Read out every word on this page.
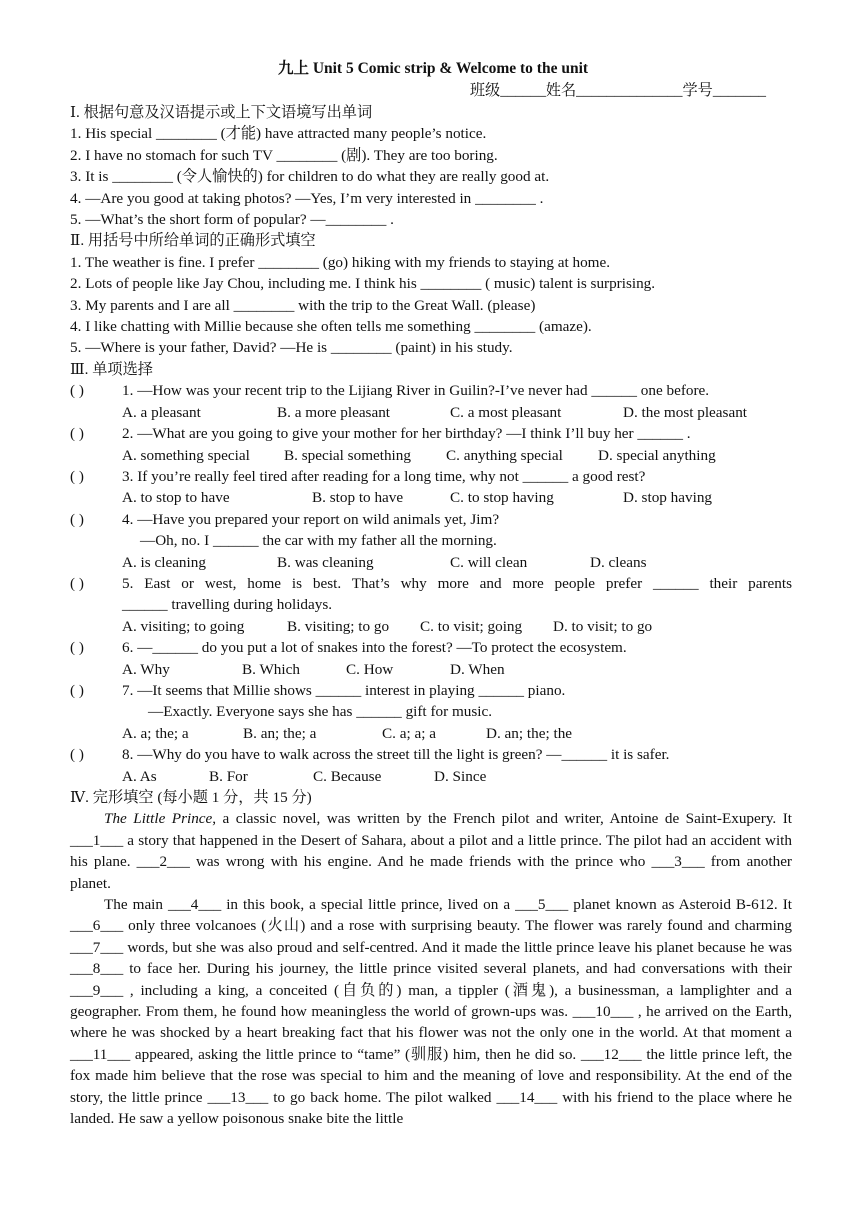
九上 Unit 5 Comic strip & Welcome to the unit
班级______姓名______________学号_______
Ⅰ. 根据句意及汉语提示或上下文语境写出单词
1. His special ________ (才能) have attracted many people’s notice.
2. I have no stomach for such TV ________ (剧). They are too boring.
3. It is ________ (令人愉快的) for children to do what they are really good at.
4. —Are you good at taking photos? —Yes, I’m very interested in ________ .
5. —What’s the short form of popular? —________ .
Ⅱ. 用括号中所给单词的正确形式填空
1. The weather is fine. I prefer ________ (go) hiking with my friends to staying at home.
2. Lots of people like Jay Chou, including me. I think his ________ ( music) talent is surprising.
3. My parents and I are all ________ with the trip to the Great Wall. (please)
4. I like chatting with Millie because she often tells me something ________ (amaze).
5. —Where is your father, David? —He is ________ (paint) in his study.
Ⅲ. 单项选择
( )	1. —How was your recent trip to the Lijiang River in Guilin?-I’ve never had ______ one before.
A. a pleasant	B. a more pleasant	C. a most pleasant	D. the most pleasant
( )	2. —What are you going to give your mother for her birthday? —I think I’ll buy her ______ .
A. something special	B. special something	C. anything special	D. special anything
( )	3. If you’re really feel tired after reading for a long time, why not ______ a good rest?
A. to stop to have	B. stop to have	C. to stop having	D. stop having
( )	4. —Have you prepared your report on wild animals yet, Jim?
—Oh, no. I ______ the car with my father all the morning.
A. is cleaning	B. was cleaning	C. will clean	D. cleans
( )	5. East or west, home is best. That’s why more and more people prefer ______ their parents
______ travelling during holidays.
A. visiting; to going	B. visiting; to go	C. to visit; going	D. to visit; to go
( )	6. —______ do you put a lot of snakes into the forest? —To protect the ecosystem.
A. Why	B. Which	C. How	D. When
( )	7. —It seems that Millie shows ______ interest in playing ______ piano.
—Exactly. Everyone says she has ______ gift for music.
A. a; the; a	B. an; the; a	C. a; a; a	D. an; the; the
( )	8. —Why do you have to walk across the street till the light is green? —______ it is safer.
A. As	B. For	C. Because	D. Since
Ⅳ. 完形填空 (每小题 1 分，共 15 分)

The Little Prince, a classic novel, was written by the French pilot and writer, Antoine de Saint-Exupery. It ___1___ a story that happened in the Desert of Sahara, about a pilot and a little prince. The pilot had an accident with his plane. ___2___ was wrong with his engine. And he made friends with the prince who ___3___ from another planet.

The main ___4___ in this book, a special little prince, lived on a ___5___ planet known as Asteroid B-612. It ___6___ only three volcanoes (火山) and a rose with surprising beauty. The flower was rarely found and charming ___7___ words, but she was also proud and self-centred. And it made the little prince leave his planet because he was ___8___ to face her. During his journey, the little prince visited several planets, and had conversations with their ___9___ , including a king, a conceited (自负的) man, a tippler (酒鬼), a businessman, a lamplighter and a geographer. From them, he found how meaningless the world of grown-ups was. ___10___ , he arrived on the Earth, where he was shocked by a heart breaking fact that his flower was not the only one in the world. At that moment a ___11___ appeared, asking the little prince to “tame” (驯服) him, then he did so. ___12___ the little prince left, the fox made him believe that the rose was special to him and the meaning of love and responsibility. At the end of the story, the little prince ___13___ to go back home. The pilot walked ___14___ with his friend to the place where he landed. He saw a yellow poisonous snake bite the little
